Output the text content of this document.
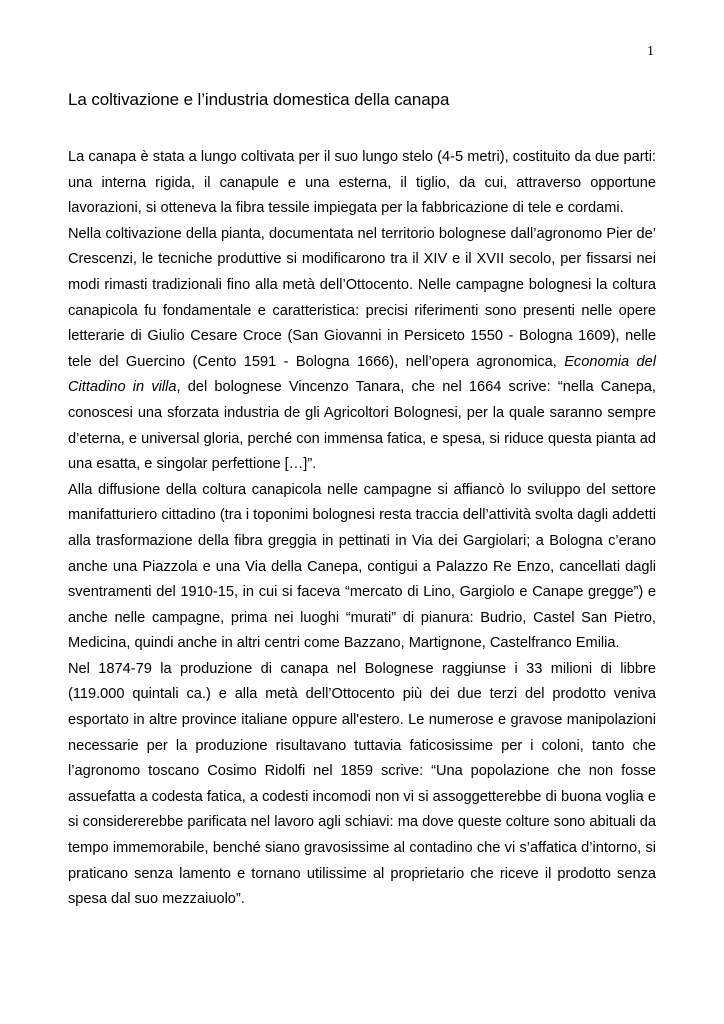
1
La coltivazione e l’industria domestica della canapa

La canapa è stata a lungo coltivata per il suo lungo stelo (4-5 metri), costituito da due parti: una interna rigida, il canapule e una esterna, il tiglio, da cui, attraverso opportune lavorazioni, si otteneva la fibra tessile impiegata per la fabbricazione di tele e cordami.

Nella coltivazione della pianta, documentata nel territorio bolognese dall’agronomo Pier de’ Crescenzi, le tecniche produttive si modificarono tra il XIV e il XVII secolo, per fissarsi nei modi rimasti tradizionali fino alla metà dell’Ottocento. Nelle campagne bolognesi la coltura canapicola fu fondamentale e caratteristica: precisi riferimenti sono presenti nelle opere letterarie di Giulio Cesare Croce (San Giovanni in Persiceto 1550 - Bologna 1609), nelle tele del Guercino (Cento 1591 - Bologna 1666), nell’opera agronomica, Economia del Cittadino in villa, del bolognese Vincenzo Tanara, che nel 1664 scrive: “nella Canepa, conoscesi una sforzata industria de gli Agricoltori Bolognesi, per la quale saranno sempre d’eterna, e universal gloria, perché con immensa fatica, e spesa, si riduce questa pianta ad una esatta, e singolar perfettione […]”.

Alla diffusione della coltura canapicola nelle campagne si affiancò lo sviluppo del settore manifatturiero cittadino (tra i toponimi bolognesi resta traccia dell’attività svolta dagli addetti alla trasformazione della fibra greggia in pettinati in Via dei Gargiolari; a Bologna c’erano anche una Piazzola e una Via della Canepa, contigui a Palazzo Re Enzo, cancellati dagli sventramenti del 1910-15, in cui si faceva “mercato di Lino, Gargiolo e Canape gregge”) e anche nelle campagne, prima nei luoghi “murati” di pianura: Budrio, Castel San Pietro, Medicina, quindi anche in altri centri come Bazzano, Martignone, Castelfranco Emilia.

Nel 1874-79 la produzione di canapa nel Bolognese raggiunse i 33 milioni di libbre (119.000 quintali ca.) e alla metà dell’Ottocento più dei due terzi del prodotto veniva esportato in altre province italiane oppure all'estero. Le numerose e gravose manipolazioni necessarie per la produzione risultavano tuttavia faticosissime per i coloni, tanto che l’agronomo toscano Cosimo Ridolfi nel 1859 scrive: “Una popolazione che non fosse assuefatta a codesta fatica, a codesti incomodi non vi si assoggetterebbe di buona voglia e si considererebbe parificata nel lavoro agli schiavi: ma dove queste colture sono abituali da tempo immemorabile, benché siano gravosissime al contadino che vi s’affatica d’intorno, si praticano senza lamento e tornano utilissime al proprietario che riceve il prodotto senza spesa dal suo mezzaiuolo”.
